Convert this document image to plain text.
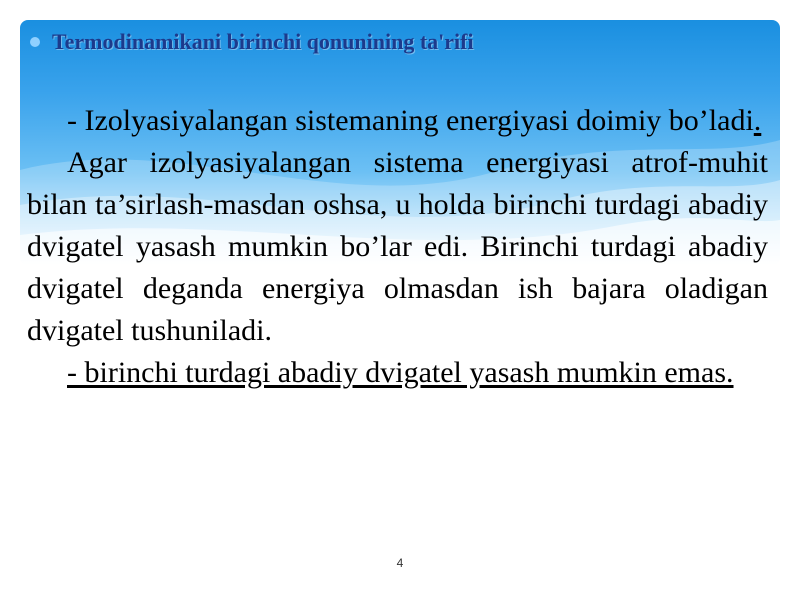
Termodinamikani birinchi qonunining ta'rifi

- Izolyasiyalangan sistemaning energiyasi doimiy bo’ladi.

Agar izolyasiyalangan sistema energiyasi atrof-muhit bilan ta’sirlash-masdan oshsa, u holda birinchi turdagi abadiy dvigatel yasash mumkin bo’lar edi. Birinchi turdagi abadiy dvigatel deganda energiya olmasdan ish bajara oladigan dvigatel tushuniladi.

- birinchi turdagi abadiy dvigatel yasash mumkin emas.

4
